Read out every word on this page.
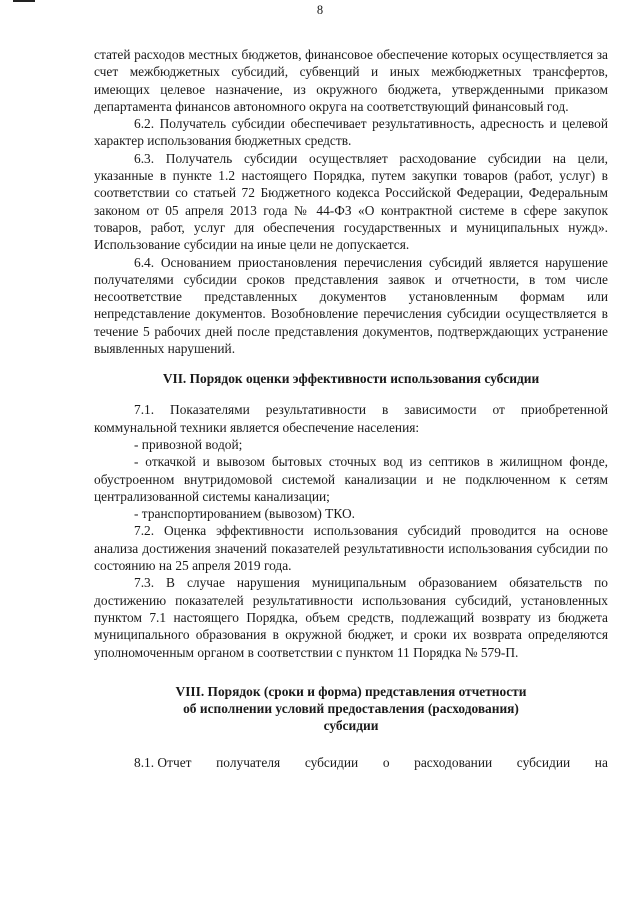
8

статей расходов местных бюджетов, финансовое обеспечение которых осуществляется за счет межбюджетных субсидий, субвенций и иных межбюджетных трансфертов, имеющих целевое назначение, из окружного бюджета, утвержденными приказом департамента финансов автономного округа на соответствующий финансовый год.

6.2. Получатель субсидии обеспечивает результативность, адресность и целевой характер использования бюджетных средств.

6.3. Получатель субсидии осуществляет расходование субсидии на цели, указанные в пункте 1.2 настоящего Порядка, путем закупки товаров (работ, услуг) в соответствии со статьей 72 Бюджетного кодекса Российской Федерации, Федеральным законом от 05 апреля 2013 года № 44-ФЗ «О контрактной системе в сфере закупок товаров, работ, услуг для обеспечения государственных и муниципальных нужд». Использование субсидии на иные цели не допускается.

6.4. Основанием приостановления перечисления субсидий является нарушение получателями субсидии сроков представления заявок и отчетности, в том числе несоответствие представленных документов установленным формам или непредставление документов. Возобновление перечисления субсидии осуществляется в течение 5 рабочих дней после представления документов, подтверждающих устранение выявленных нарушений.

VII. Порядок оценки эффективности использования субсидии

7.1. Показателями результативности в зависимости от приобретенной коммунальной техники является обеспечение населения:

- привозной водой;

- откачкой и вывозом бытовых сточных вод из септиков в жилищном фонде, обустроенном внутридомовой системой канализации и не подключенном к сетям централизованной системы канализации;

- транспортированием (вывозом) ТКО.

7.2. Оценка эффективности использования субсидий проводится на основе анализа достижения значений показателей результативности использования субсидии по состоянию на 25 апреля 2019 года.

7.3. В случае нарушения муниципальным образованием обязательств по достижению показателей результативности использования субсидий, установленных пунктом 7.1 настоящего Порядка, объем средств, подлежащий возврату из бюджета муниципального образования в окружной бюджет, и сроки их возврата определяются уполномоченным органом в соответствии с пунктом 11 Порядка № 579-П.

VIII. Порядок (сроки и форма) представления отчетности

об исполнении условий предоставления (расходования)

субсидии

8.1. Отчет получателя субсидии о расходовании субсидии на
